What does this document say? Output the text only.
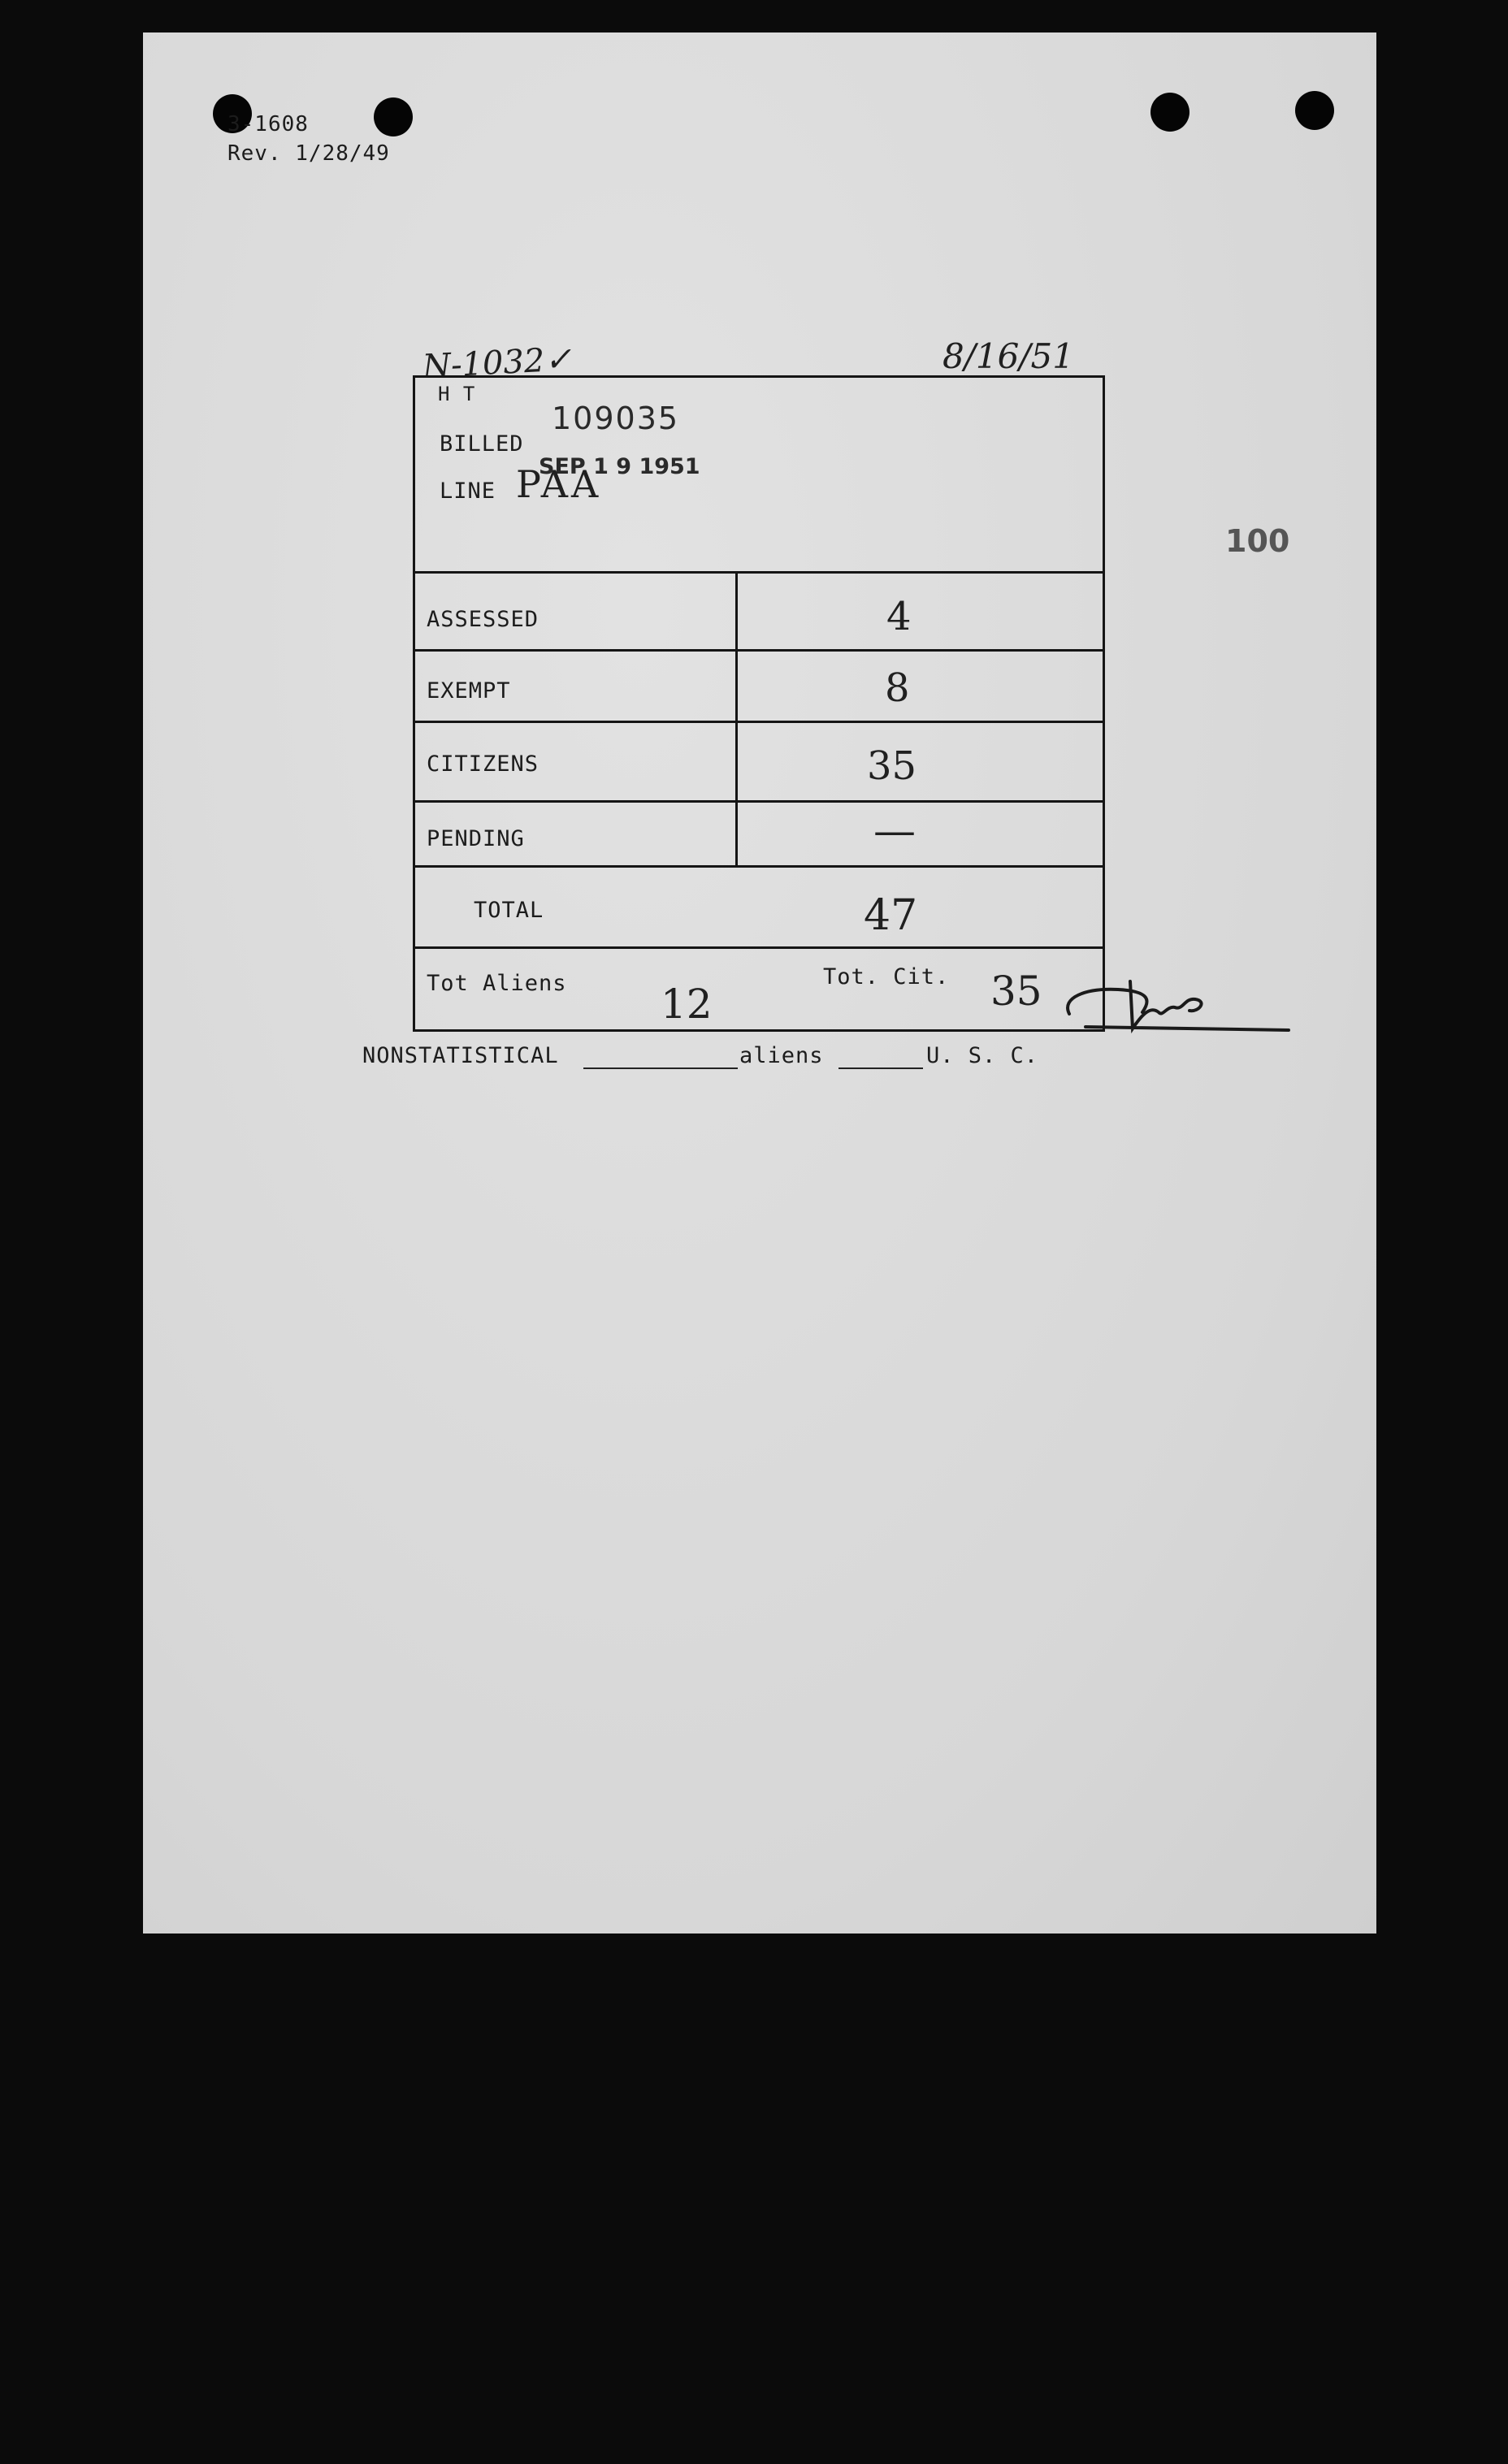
3-1608
Rev. 1/28/49
N-1032✓	8/16/51
100
H T
109035
BILLED
SEP 1 9 1951
LINE PAA
ASSESSED	4
EXEMPT	8
CITIZENS	35
PENDING	—
TOTAL	47
Tot Aliens 12
Tot. Cit. 35
NONSTATISTICAL	aliens	U. S. C.
